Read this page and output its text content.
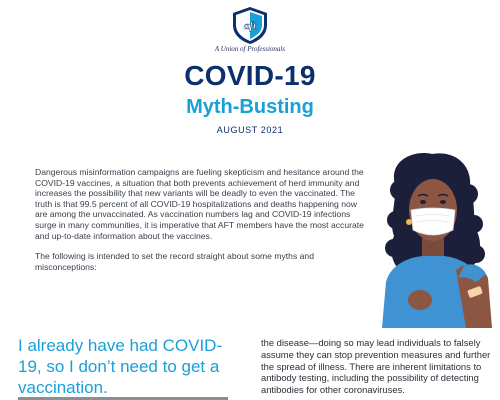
aft
A Union of Professionals
COVID-19
Myth-Busting
AUGUST 2021

Dangerous misinformation campaigns are fueling skepticism and hesitance around the COVID-19 vaccines, a situation that both prevents achievement of herd immunity and increases the possibility that new variants will be deadly to even the vaccinated. The truth is that 99.5 percent of all COVID-19 hospitalizations and deaths happening now are among the unvaccinated. As vaccination numbers lag and COVID-19 infections surge in many communities, it is imperative that AFT members have the most accurate and up-to-date information about the vaccines.

The following is intended to set the record straight about some myths and misconceptions:

I already have had COVID-19, so I don’t need to get a vaccination.
the disease—doing so may lead individuals to falsely assume they can stop prevention measures and further the spread of illness. There are inherent limitations to antibody testing, including the possibility of detecting antibodies for other coronaviruses.
